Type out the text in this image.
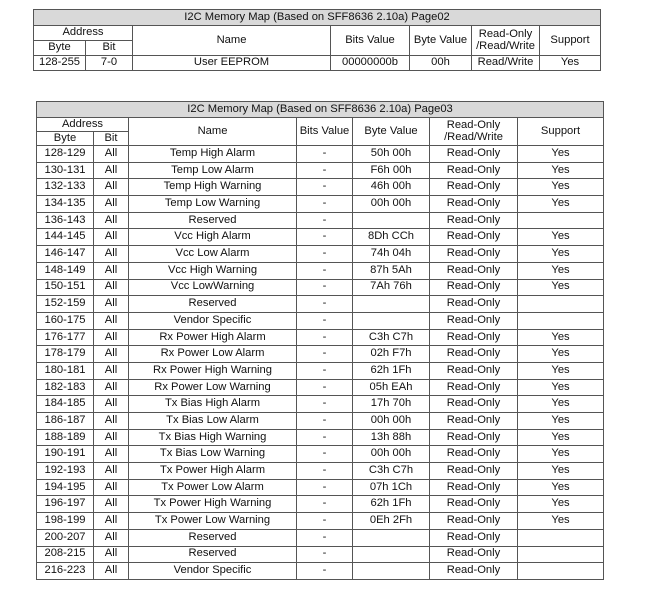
I2C Memory Map (Based on SFF8636 2.10a) Page02						
Address		Name	Bits Value	Byte Value	Read-Only
/Read/Write	Support
Byte	Bit					
128-255	7-0	User EEPROM	00000000b	00h	Read/Write	Yes
I2C Memory Map (Based on SFF8636 2.10a) Page03						
Address		Name	Bits Value	Byte Value	Read-Only
/Read/Write	Support
Byte	Bit					
128-129	All	Temp High Alarm	-	50h 00h	Read-Only	Yes
130-131	All	Temp Low Alarm	-	F6h 00h	Read-Only	Yes
132-133	All	Temp High Warning	-	46h 00h	Read-Only	Yes
134-135	All	Temp Low Warning	-	00h 00h	Read-Only	Yes
136-143	All	Reserved	-		Read-Only	
144-145	All	Vcc High Alarm	-	8Dh CCh	Read-Only	Yes
146-147	All	Vcc Low Alarm	-	74h 04h	Read-Only	Yes
148-149	All	Vcc High Warning	-	87h 5Ah	Read-Only	Yes
150-151	All	Vcc LowWarning	-	7Ah 76h	Read-Only	Yes
152-159	All	Reserved	-		Read-Only	
160-175	All	Vendor Specific	-		Read-Only	
176-177	All	Rx Power High Alarm	-	C3h C7h	Read-Only	Yes
178-179	All	Rx Power Low Alarm	-	02h F7h	Read-Only	Yes
180-181	All	Rx Power High Warning	-	62h 1Fh	Read-Only	Yes
182-183	All	Rx Power Low Warning	-	05h EAh	Read-Only	Yes
184-185	All	Tx Bias High Alarm	-	17h 70h	Read-Only	Yes
186-187	All	Tx Bias Low Alarm	-	00h 00h	Read-Only	Yes
188-189	All	Tx Bias High Warning	-	13h 88h	Read-Only	Yes
190-191	All	Tx Bias Low Warning	-	00h 00h	Read-Only	Yes
192-193	All	Tx Power High Alarm	-	C3h C7h	Read-Only	Yes
194-195	All	Tx Power Low Alarm	-	07h 1Ch	Read-Only	Yes
196-197	All	Tx Power High Warning	-	62h 1Fh	Read-Only	Yes
198-199	All	Tx Power Low Warning	-	0Eh 2Fh	Read-Only	Yes
200-207	All	Reserved	-		Read-Only	
208-215	All	Reserved	-		Read-Only	
216-223	All	Vendor Specific	-		Read-Only	
